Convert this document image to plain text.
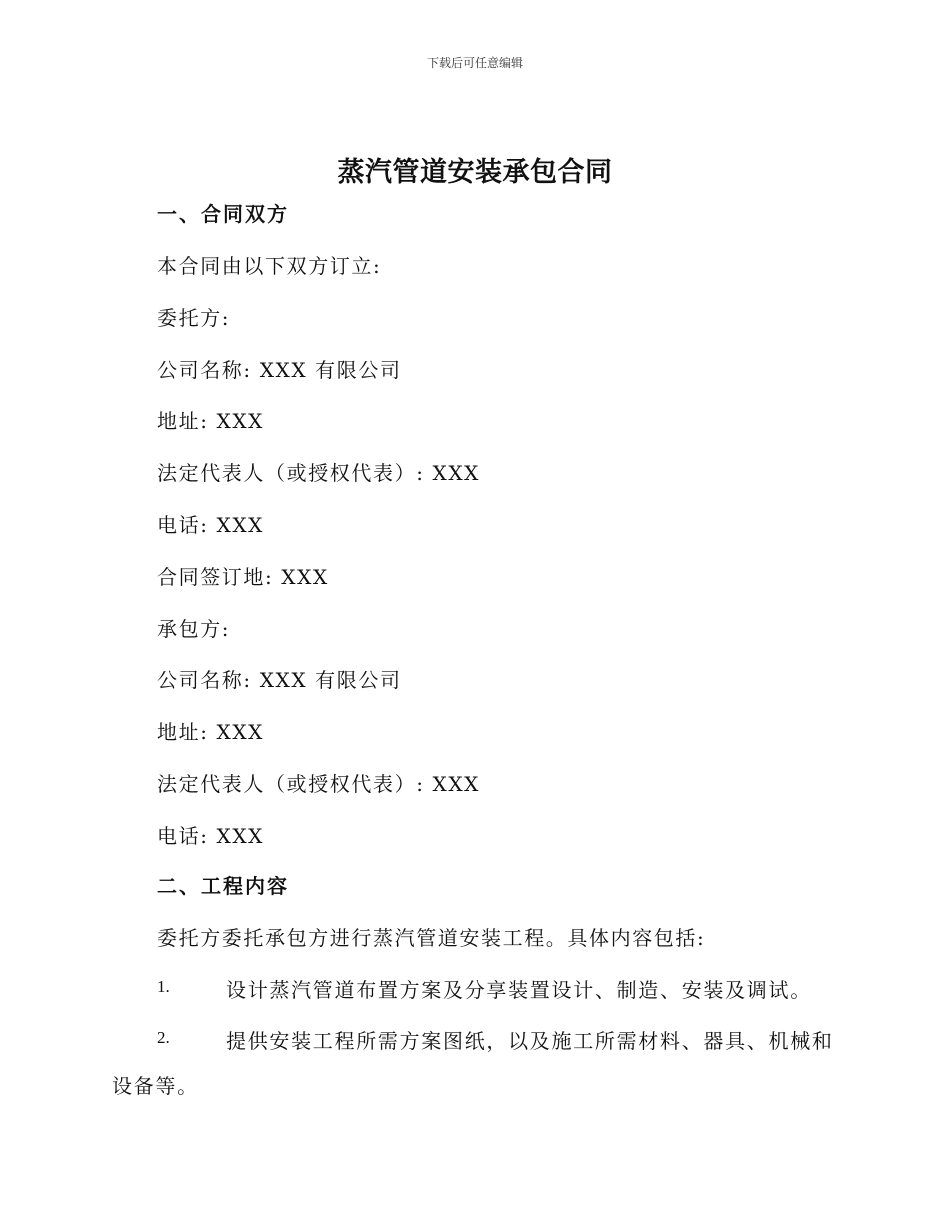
下载后可任意编辑
蒸汽管道安装承包合同
一、合同双方
本合同由以下双方订立:
委托方:
公司名称: XXX 有限公司
地址: XXX
法定代表人（或授权代表）: XXX
电话: XXX
合同签订地: XXX
承包方:
公司名称: XXX 有限公司
地址: XXX
法定代表人（或授权代表）: XXX
电话: XXX
二、工程内容
委托方委托承包方进行蒸汽管道安装工程。具体内容包括:
1.	设计蒸汽管道布置方案及分享装置设计、制造、安装及调试。
2.	提供安装工程所需方案图纸，以及施工所需材料、器具、机械和
设备等。
